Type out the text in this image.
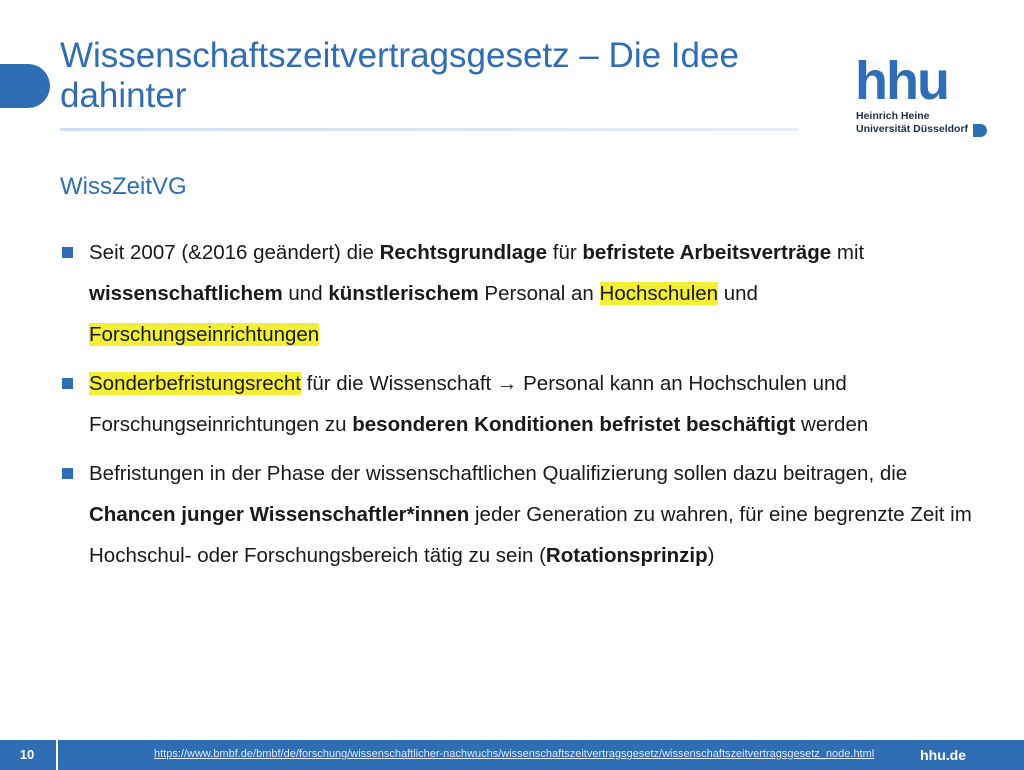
Wissenschaftszeitvertragsgesetz – Die Idee dahinter	hhu
Heinrich Heine
Universität Düsseldorf
WissZeitVG
Seit 2007 (&2016 geändert) die Rechtsgrundlage für befristete Arbeitsverträge mit wissenschaftlichem und künstlerischem Personal an Hochschulen und Forschungseinrichtungen
Sonderbefristungsrecht für die Wissenschaft → Personal kann an Hochschulen und Forschungseinrichtungen zu besonderen Konditionen befristet beschäftigt werden
Befristungen in der Phase der wissenschaftlichen Qualifizierung sollen dazu beitragen, die Chancen junger Wissenschaftler*innen jeder Generation zu wahren, für eine begrenzte Zeit im Hochschul- oder Forschungsbereich tätig zu sein (Rotationsprinzip)
10	https://www.bmbf.de/bmbf/de/forschung/wissenschaftlicher-nachwuchs/wissenschaftszeitvertragsgesetz/wissenschaftszeitvertragsgesetz_node.html	hhu.de
